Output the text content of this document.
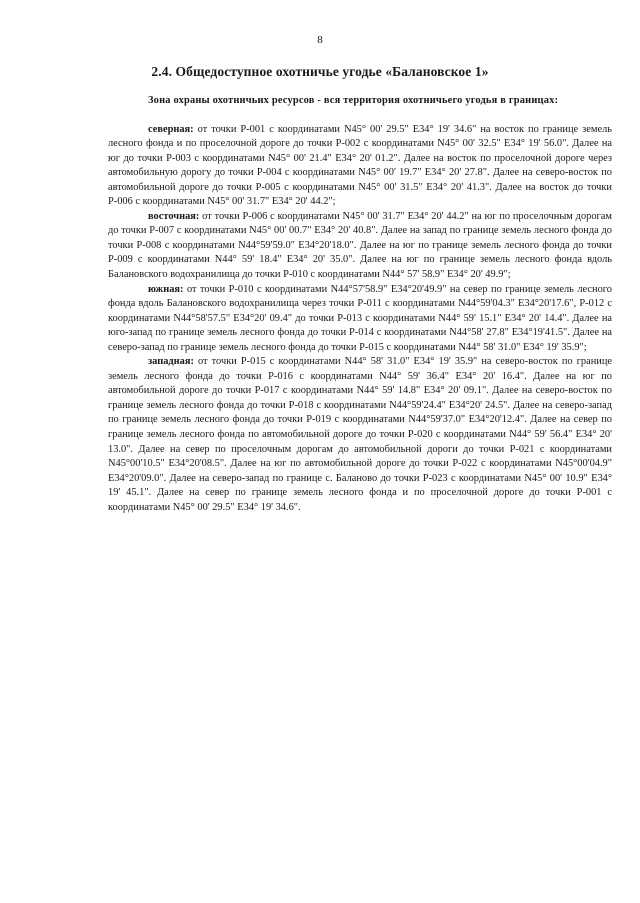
8
2.4. Общедоступное охотничье угодье «Балановское 1»

Зона охраны охотничьих ресурсов - вся территория охотничьего угодья в границах:

северная: от точки Р-001 с координатами N45° 00' 29.5" E34° 19' 34.6" на восток по границе земель лесного фонда и по проселочной дороге до точки Р-002 с координатами N45° 00' 32.5" E34° 19' 56.0". Далее на юг до точки Р-003 с координатами N45° 00' 21.4" E34° 20' 01.2". Далее на восток по проселочной дороге через автомобильную дорогу до точки Р-004 с координатами N45° 00' 19.7" E34° 20' 27.8". Далее на северо-восток по автомобильной дороге до точки Р-005 с координатами N45° 00' 31.5" E34° 20' 41.3". Далее на восток до точки Р-006 с координатами N45° 00' 31.7" E34° 20' 44.2";

восточная: от точки Р-006 с координатами N45° 00' 31.7" E34° 20' 44.2" на юг по проселочным дорогам до точки Р-007 с координатами N45° 00' 00.7" E34° 20' 40.8". Далее на запад по границе земель лесного фонда до точки Р-008 с координатами N44°59'59.0" E34°20'18.0". Далее на юг по границе земель лесного фонда до точки Р-009 с координатами N44° 59' 18.4" E34° 20' 35.0". Далее на юг по границе земель лесного фонда вдоль Балановского водохранилища до точки Р-010 с координатами N44° 57' 58.9" E34° 20' 49.9";

южная: от точки Р-010 с координатами N44°57'58.9" E34°20'49.9" на север по границе земель лесного фонда вдоль Балановского водохранилища через точки Р-011 с координатами N44°59'04.3" E34°20'17.6", Р-012 с координатами N44°58'57.5" E34°20' 09.4" до точки Р-013 с координатами N44° 59' 15.1" E34° 20' 14.4". Далее на юго-запад по границе земель лесного фонда до точки Р-014 с координатами N44°58' 27.8" E34°19'41.5". Далее на северо-запад по границе земель лесного фонда до точки Р-015 с координатами N44° 58' 31.0" E34° 19' 35.9";

западная: от точки Р-015 с координатами N44° 58' 31.0" E34° 19' 35.9" на северо-восток по границе земель лесного фонда до точки Р-016 с координатами N44° 59' 36.4" E34° 20' 16.4". Далее на юг по автомобильной дороге до точки Р-017 с координатами N44° 59' 14.8" E34° 20' 09.1". Далее на северо-восток по границе земель лесного фонда до точки Р-018 с координатами N44°59'24.4" E34°20' 24.5". Далее на северо-запад по границе земель лесного фонда до точки Р-019 с координатами N44°59'37.0" E34°20'12.4". Далее на север по границе земель лесного фонда по автомобильной дороге до точки Р-020 с координатами N44° 59' 56.4" E34° 20' 13.0". Далее на север по проселочным дорогам до автомобильной дороги до точки Р-021 с координатами N45°00'10.5" E34°20'08.5". Далее на юг по автомобильной дороге до точки Р-022 с координатами N45°00'04.9" E34°20'09.0". Далее на северо-запад по границе с. Баланово до точки Р-023 с координатами N45° 00' 10.9" E34° 19' 45.1". Далее на север по границе земель лесного фонда и по проселочной дороге до точки Р-001 с координатами N45° 00' 29.5" E34° 19' 34.6".
